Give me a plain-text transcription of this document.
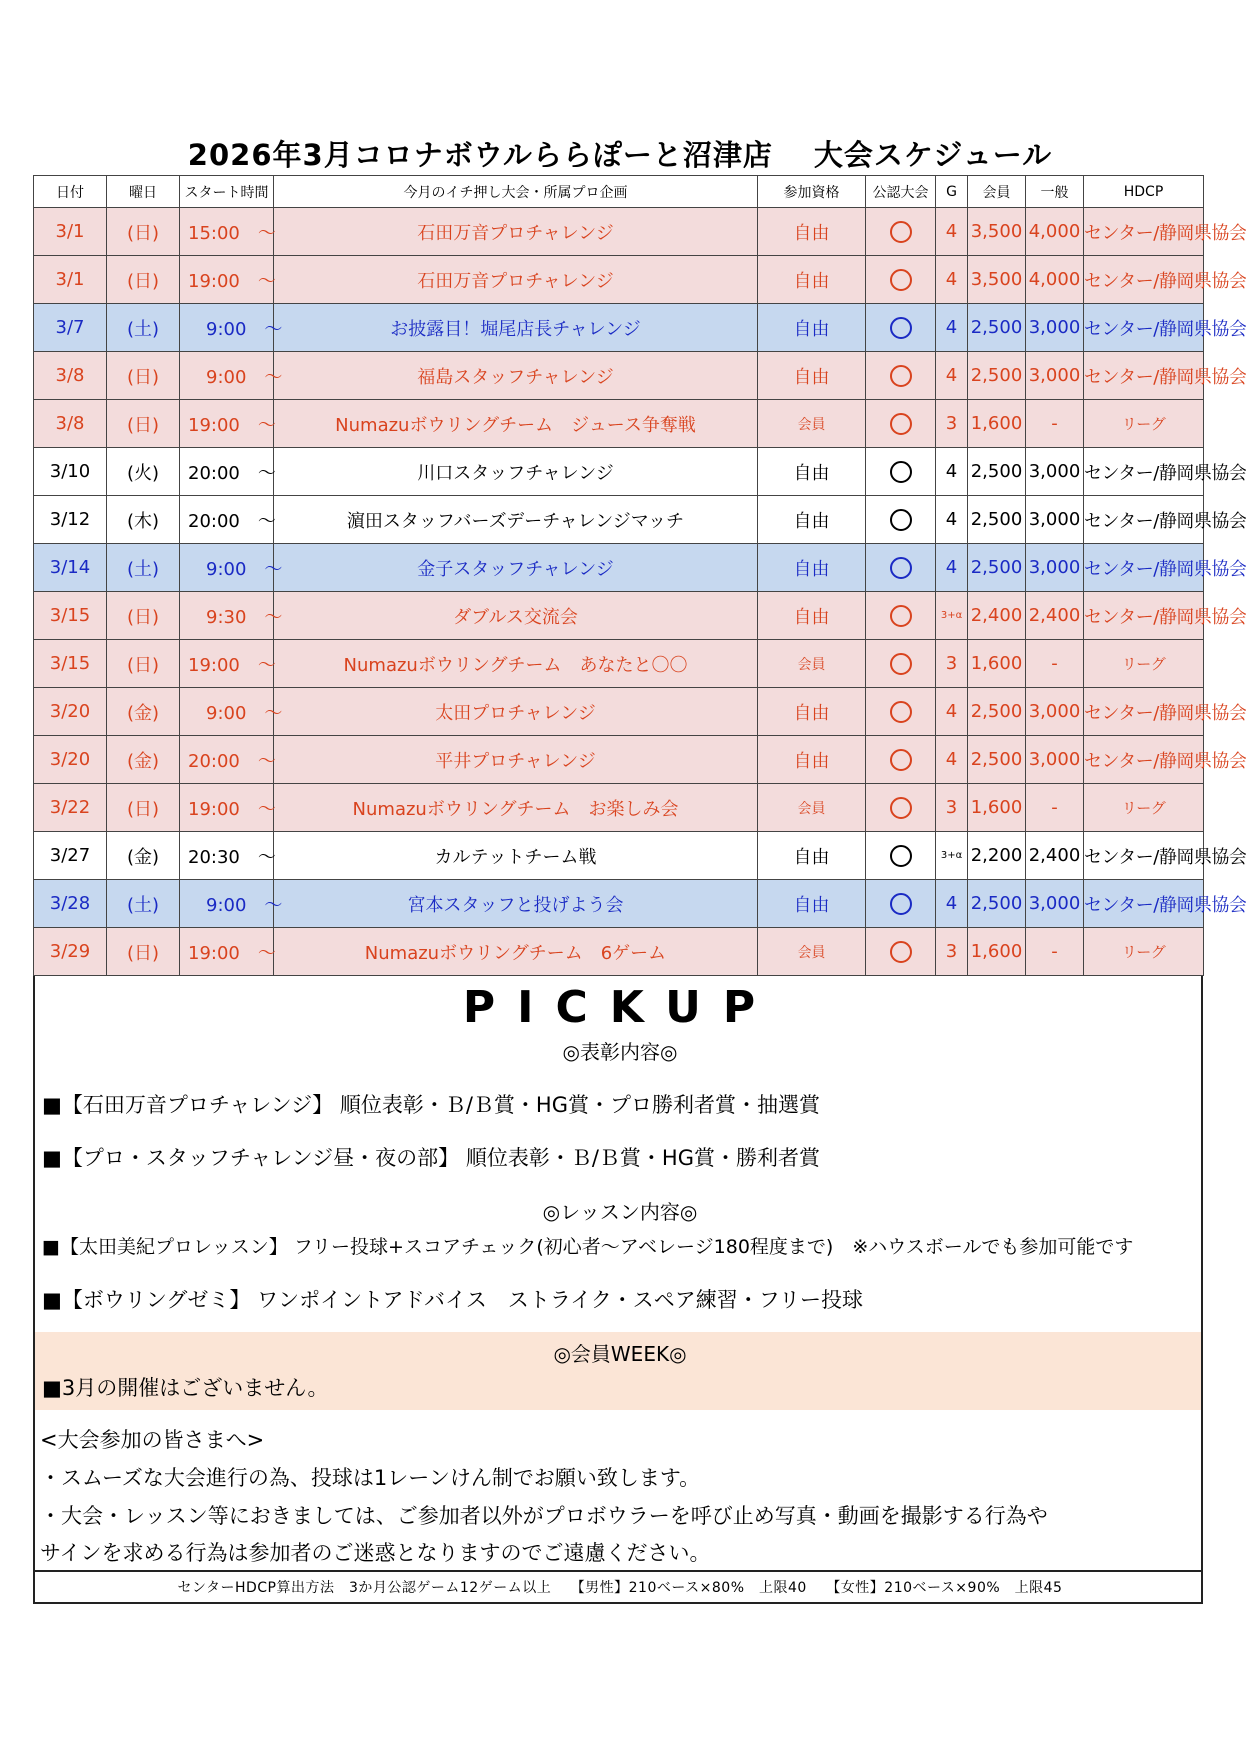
2026年3月コロナボウルららぽーと沼津店　 大会スケジュール
日付	曜日	スタート時間	今月のイチ押し大会・所属プロ企画	参加資格	公認大会	G	会員	一般	HDCP
3/1	(日)	15:00　～	石田万音プロチャレンジ	自由		4	3,500	4,000	センター/静岡県協会
3/1	(日)	19:00　～	石田万音プロチャレンジ	自由		4	3,500	4,000	センター/静岡県協会
3/7	(土)	　9:00　～	お披露目！堀尾店長チャレンジ	自由		4	2,500	3,000	センター/静岡県協会
3/8	(日)	　9:00　～	福島スタッフチャレンジ	自由		4	2,500	3,000	センター/静岡県協会
3/8	(日)	19:00　～	Numazuボウリングチーム　ジュース争奪戦	会員		3	1,600	-	リーグ
3/10	(火)	20:00　～	川口スタッフチャレンジ	自由		4	2,500	3,000	センター/静岡県協会
3/12	(木)	20:00　～	濵田スタッフバーズデーチャレンジマッチ	自由		4	2,500	3,000	センター/静岡県協会
3/14	(土)	　9:00　～	金子スタッフチャレンジ	自由		4	2,500	3,000	センター/静岡県協会
3/15	(日)	　9:30　～	ダブルス交流会	自由		3+α	2,400	2,400	センター/静岡県協会
3/15	(日)	19:00　～	Numazuボウリングチーム　あなたと〇〇	会員		3	1,600	-	リーグ
3/20	(金)	　9:00　～	太田プロチャレンジ	自由		4	2,500	3,000	センター/静岡県協会
3/20	(金)	20:00　～	平井プロチャレンジ	自由		4	2,500	3,000	センター/静岡県協会
3/22	(日)	19:00　～	Numazuボウリングチーム　お楽しみ会	会員		3	1,600	-	リーグ
3/27	(金)	20:30　～	カルテットチーム戦	自由		3+α	2,200	2,400	センター/静岡県協会
3/28	(土)	　9:00　～	宮本スタッフと投げよう会	自由		4	2,500	3,000	センター/静岡県協会
3/29	(日)	19:00　～	Numazuボウリングチーム　6ゲーム	会員		3	1,600	-	リーグ
PICKUP
◎表彰内容◎
■【石田万音プロチャレンジ】 順位表彰・Ｂ/Ｂ賞・HG賞・プロ勝利者賞・抽選賞
■【プロ・スタッフチャレンジ昼・夜の部】 順位表彰・Ｂ/Ｂ賞・HG賞・勝利者賞
◎レッスン内容◎
■【太田美紀プロレッスン】 フリー投球+スコアチェック(初心者～アベレージ180程度まで)　※ハウスボールでも参加可能です
■【ボウリングゼミ】 ワンポイントアドバイス　ストライク・スペア練習・フリー投球
◎会員WEEK◎
■3月の開催はございません。
<大会参加の皆さまへ>
・スムーズな大会進行の為、投球は1レーンけん制でお願い致します。
・大会・レッスン等におきましては、ご参加者以外がプロボウラーを呼び止め写真・動画を撮影する行為や
サインを求める行為は参加者のご迷惑となりますのでご遠慮ください。
センターHDCP算出方法　3か月公認ゲーム12ゲーム以上　 【男性】210ベース×80%　上限40　 【女性】210ベース×90%　上限45
